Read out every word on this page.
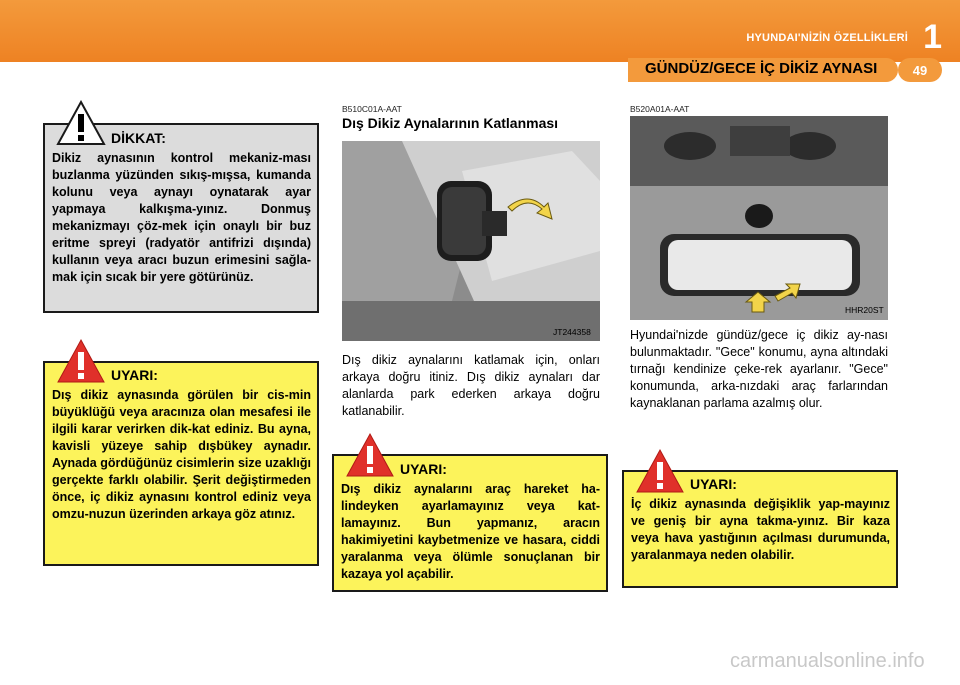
HYUNDAI'NİZİN ÖZELLİKLERİ 1
49
GÜNDÜZ/GECE İÇ DİKİZ AYNASI
DİKKAT:
Dikiz aynasının kontrol mekaniz-ması buzlanma yüzünden sıkış-mışsa, kumanda kolunu veya aynayı oynatarak ayar yapmaya kalkışma-yınız. Donmuş mekanizmayı çöz-mek için onaylı bir buz eritme spreyi (radyatör antifrizi dışında) kullanın veya aracı buzun erimesini sağla-mak için sıcak bir yere götürünüz.
UYARI:
Dış dikiz aynasında görülen bir cis-min büyüklüğü veya aracınıza olan mesafesi ile ilgili karar verirken dik-kat ediniz. Bu ayna, kavisli yüzeye sahip dışbükey aynadır. Aynada gördüğünüz cisimlerin size uzaklığı gerçekte farklı olabilir. Şerit değiştirmeden önce, iç dikiz aynasını kontrol ediniz veya omzu-nuzun üzerinden arkaya göz atınız.
B510C01A-AAT
Dış Dikiz Aynalarının Katlanması
JT244358
Dış dikiz aynalarını katlamak için, onları arkaya doğru itiniz. Dış dikiz aynaları dar alanlarda park ederken arkaya doğru katlanabilir.
UYARI:
Dış dikiz aynalarını araç hareket ha-lindeyken ayarlamayınız veya kat-lamayınız. Bun yapmanız, aracın hakimiyetini kaybetmenize ve hasara, ciddi yaralanma veya ölümle sonuçlanan bir kazaya yol açabilir.
B520A01A-AAT
HHR20ST
Hyundai'nizde gündüz/gece iç dikiz ay-nası bulunmaktadır. "Gece" konumu, ayna altındaki tırnağı kendinize çeke-rek ayarlanır. "Gece" konumunda, arka-nızdaki araç farlarından kaynaklanan parlama azalmış olur.
UYARI:
İç dikiz aynasında değişiklik yap-mayınız ve geniş bir ayna takma-yınız. Bir kaza veya hava yastığının açılması durumunda, yaralanmaya neden olabilir.
carmanualsonline.info
